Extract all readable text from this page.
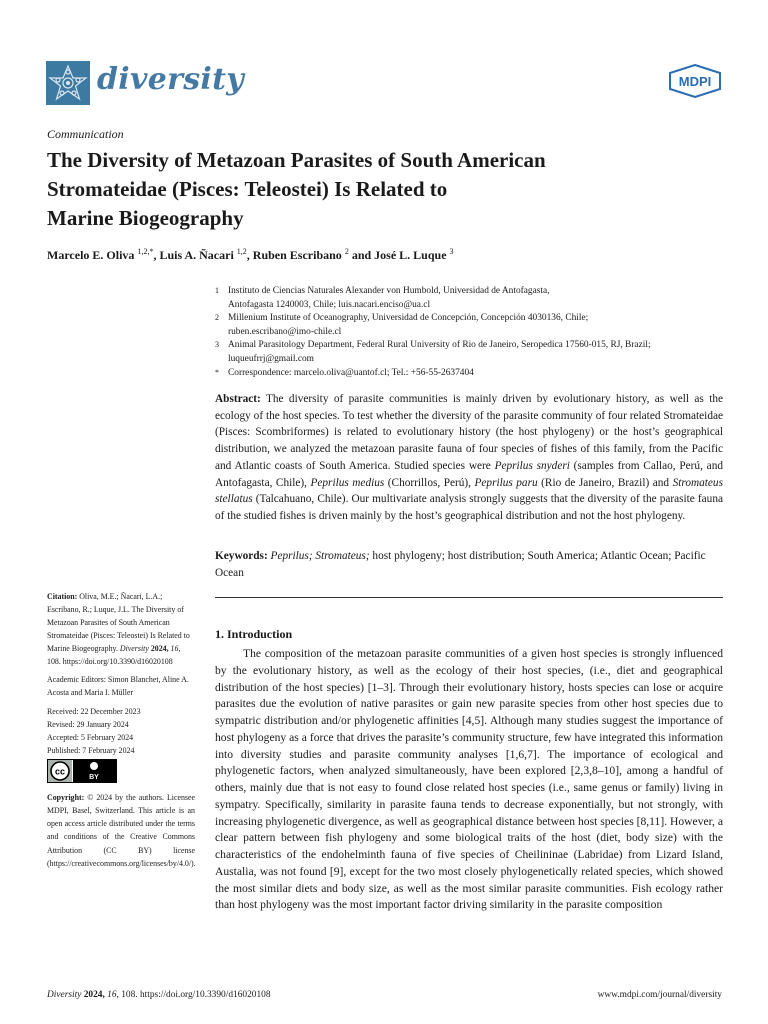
diversity	MDPI
Communication
The Diversity of Metazoan Parasites of South American
Stromateidae (Pisces: Teleostei) Is Related to
Marine Biogeography
Marcelo E. Oliva $^{1,2,*}$, Luis A. Ñacari $^{1,2}$, Ruben Escribano $^2$ and José L. Luque $^3$
1 Instituto de Ciencias Naturales Alexander von Humbold, Universidad de Antofagasta,
Antofagasta 1240003, Chile; luis.nacari.enciso@ua.cl
2 Millenium Institute of Oceanography, Universidad de Concepción, Concepción 4030136, Chile;
ruben.escribano@imo-chile.cl
3 Animal Parasitology Department, Federal Rural University of Rio de Janeiro, Seropedica 17560-015, RJ, Brazil;
luqueufrrj@gmail.com
* Correspondence: marcelo.oliva@uantof.cl; Tel.: +56-55-2637404
Abstract: The diversity of parasite communities is mainly driven by evolutionary history, as well as the ecology of the host species. To test whether the diversity of the parasite community of four related Stromateidae (Pisces: Scombriformes) is related to evolutionary history (the host phylogeny) or the host’s geographical distribution, we analyzed the metazoan parasite fauna of four species of fishes of this family, from the Pacific and Atlantic coasts of South America. Studied species were Peprilus snyderi (samples from Callao, Perú, and Antofagasta, Chile), Peprilus medius (Chorrillos, Perú), Peprilus paru (Rio de Janeiro, Brazil) and Stromateus stellatus (Talcahuano, Chile). Our multivariate analysis strongly suggests that the diversity of the parasite fauna of the studied fishes is driven mainly by the host’s geographical distribution and not the host phylogeny.
Keywords: Peprilus; Stromateus; host phylogeny; host distribution; South America; Atlantic Ocean; Pacific Ocean

Citation: Oliva, M.E.; Ñacari, L.A.; Escribano, R.; Luque, J.L. The Diversity of Metazoan Parasites of South American Stromateidae (Pisces: Teleostei) Is Related to Marine Biogeography. Diversity 2024, 16, 108. https://doi.org/10.3390/d16020108

Academic Editors: Simon Blanchet, Aline A. Acosta and Maria I. Müller

Received: 22 December 2023
Revised: 29 January 2024
Accepted: 5 February 2024
Published: 7 February 2024
cc
BY

Copyright: © 2024 by the authors. Licensee MDPI, Basel, Switzerland. This article is an open access article distributed under the terms and conditions of the Creative Commons Attribution (CC BY) license (https://creativecommons.org/licenses/by/4.0/).

1. Introduction
The composition of the metazoan parasite communities of a given host species is strongly influenced by the evolutionary history, as well as the ecology of their host species, (i.e., diet and geographical distribution of the host species) [1–3]. Through their evolutionary history, hosts species can lose or acquire parasites due the evolution of native parasites or gain new parasite species from other host species due to sympatric distribution and/or phylogenetic affinities [4,5]. Although many studies suggest the importance of host phylogeny as a force that drives the parasite’s community structure, few have integrated this information into diversity studies and parasite community analyses [1,6,7]. The importance of ecological and phylogenetic factors, when analyzed simultaneously, have been explored [2,3,8–10], among a handful of others, mainly due that is not easy to found close related host species (i.e., same genus or family) living in sympatry. Specifically, similarity in parasite fauna tends to decrease exponentially, but not strongly, with increasing phylogenetic divergence, as well as geographical distance between host species [8,11]. However, a clear pattern between fish phylogeny and some biological traits of the host (diet, body size) with the characteristics of the endohelminth fauna of five species of Cheilininae (Labridae) from Lizard Island, Austalia, was not found [9], except for the two most closely phylogenetically related species, which showed the most similar diets and body size, as well as the most similar parasite communities. Fish ecology rather than host phylogeny was the most important factor driving similarity in the parasite composition
Diversity 2024, 16, 108. https://doi.org/10.3390/d16020108	www.mdpi.com/journal/diversity
